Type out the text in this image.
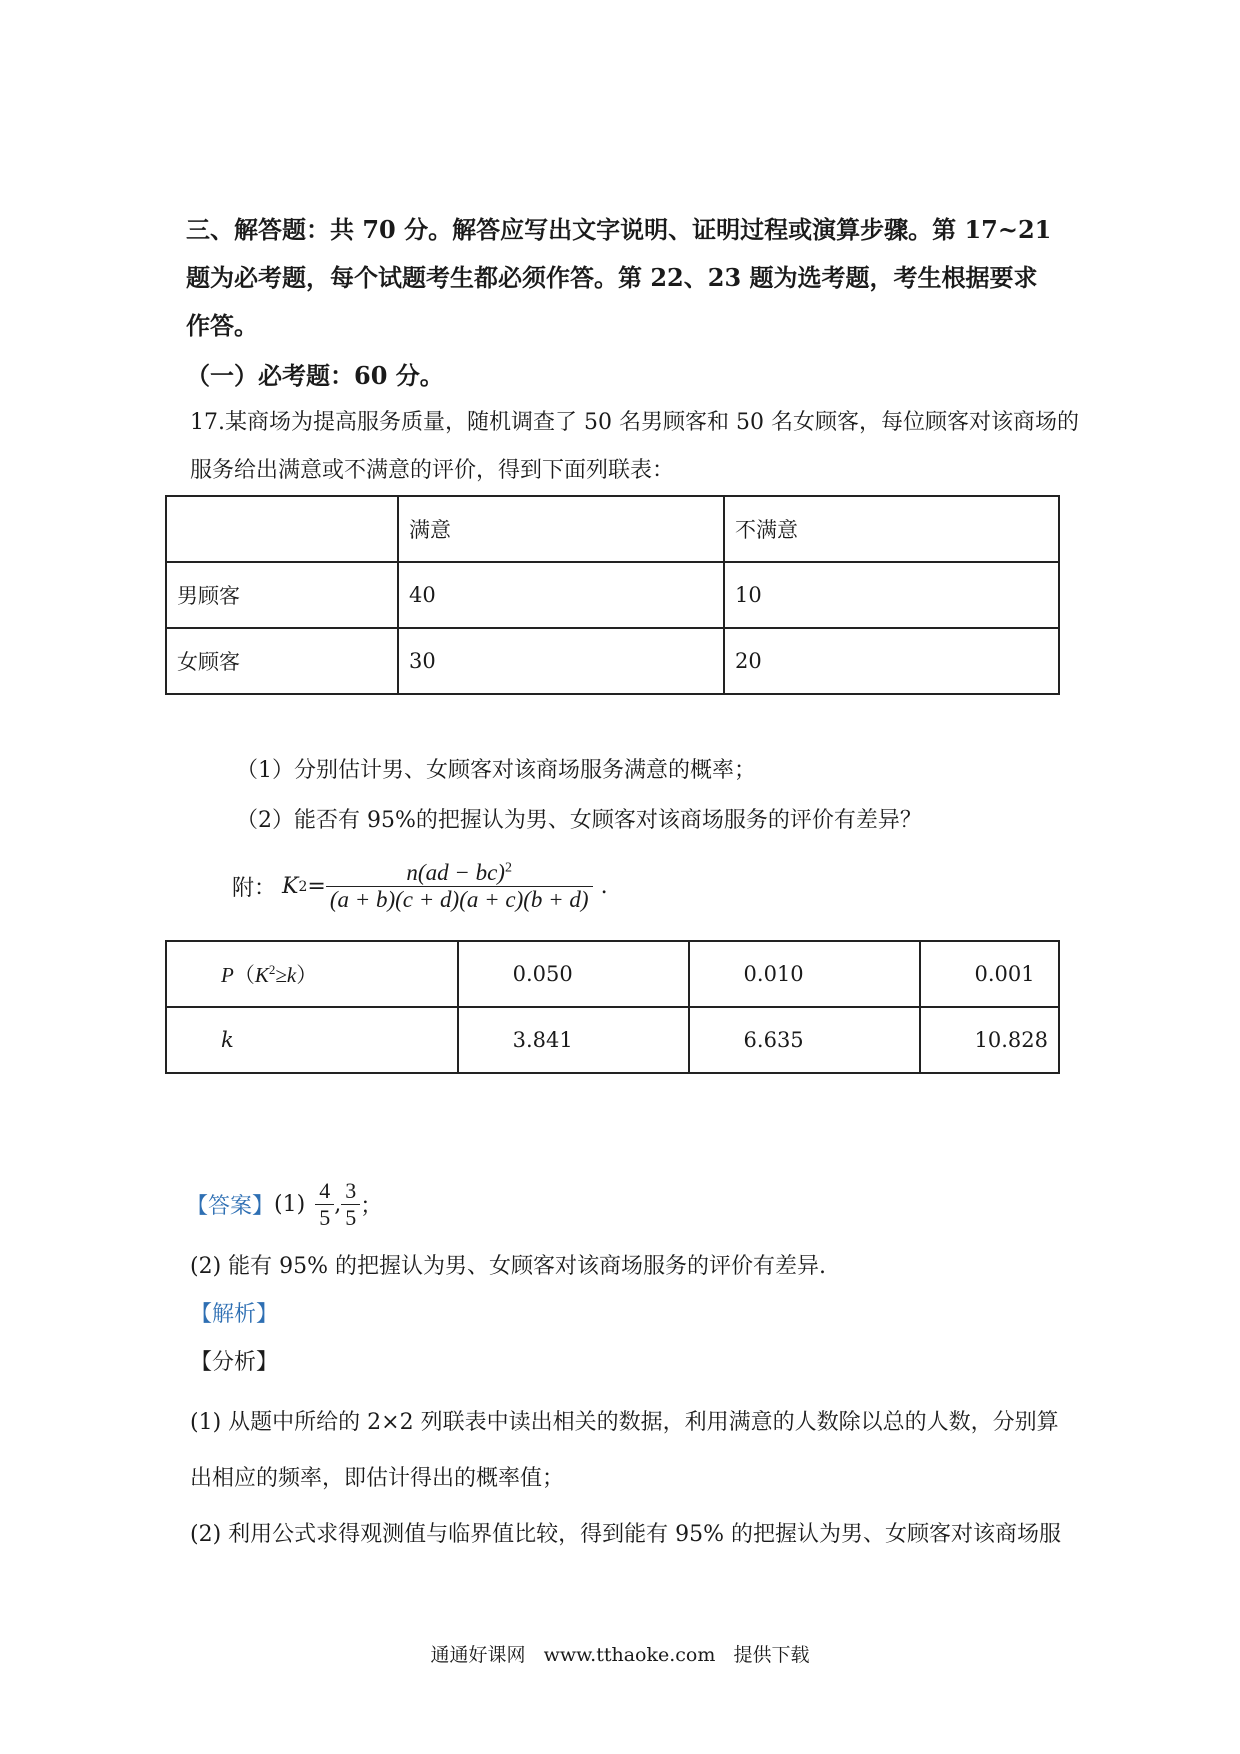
三、解答题：共 70 分。解答应写出文字说明、证明过程或演算步骤。第 17~21
题为必考题，每个试题考生都必须作答。第 22、23 题为选考题，考生根据要求
作答。
（一）必考题：60 分。
17.某商场为提高服务质量，随机调查了 50 名男顾客和 50 名女顾客，每位顾客对该商场的
服务给出满意或不满意的评价，得到下面列联表：
	满意	不满意
男顾客	40	10
女顾客	30	20
（1）分别估计男、女顾客对该商场服务满意的概率；
（2）能否有 95%的把握认为男、女顾客对该商场服务的评价有差异？
附： K $2 = \frac{n(ad - bc)^2}{(a + b)(c + d)(a + c)(b + d)}$ .
$P(K^2\ge k)$	0.050	0.010	0.001
k	3.841	6.635	10.828
【答案】 $(1) \frac{4}{5}$ , $\frac{3}{5}$ ；
(2) 能有 95% 的把握认为男、女顾客对该商场服务的评价有差异.
【解析】
【分析】
(1) 从题中所给的 2×2 列联表中读出相关的数据，利用满意的人数除以总的人数，分别算
出相应的频率，即估计得出的概率值；
(2) 利用公式求得观测值与临界值比较，得到能有 95% 的把握认为男、女顾客对该商场服
通通好课网   www.tthaoke.com   提供下载
